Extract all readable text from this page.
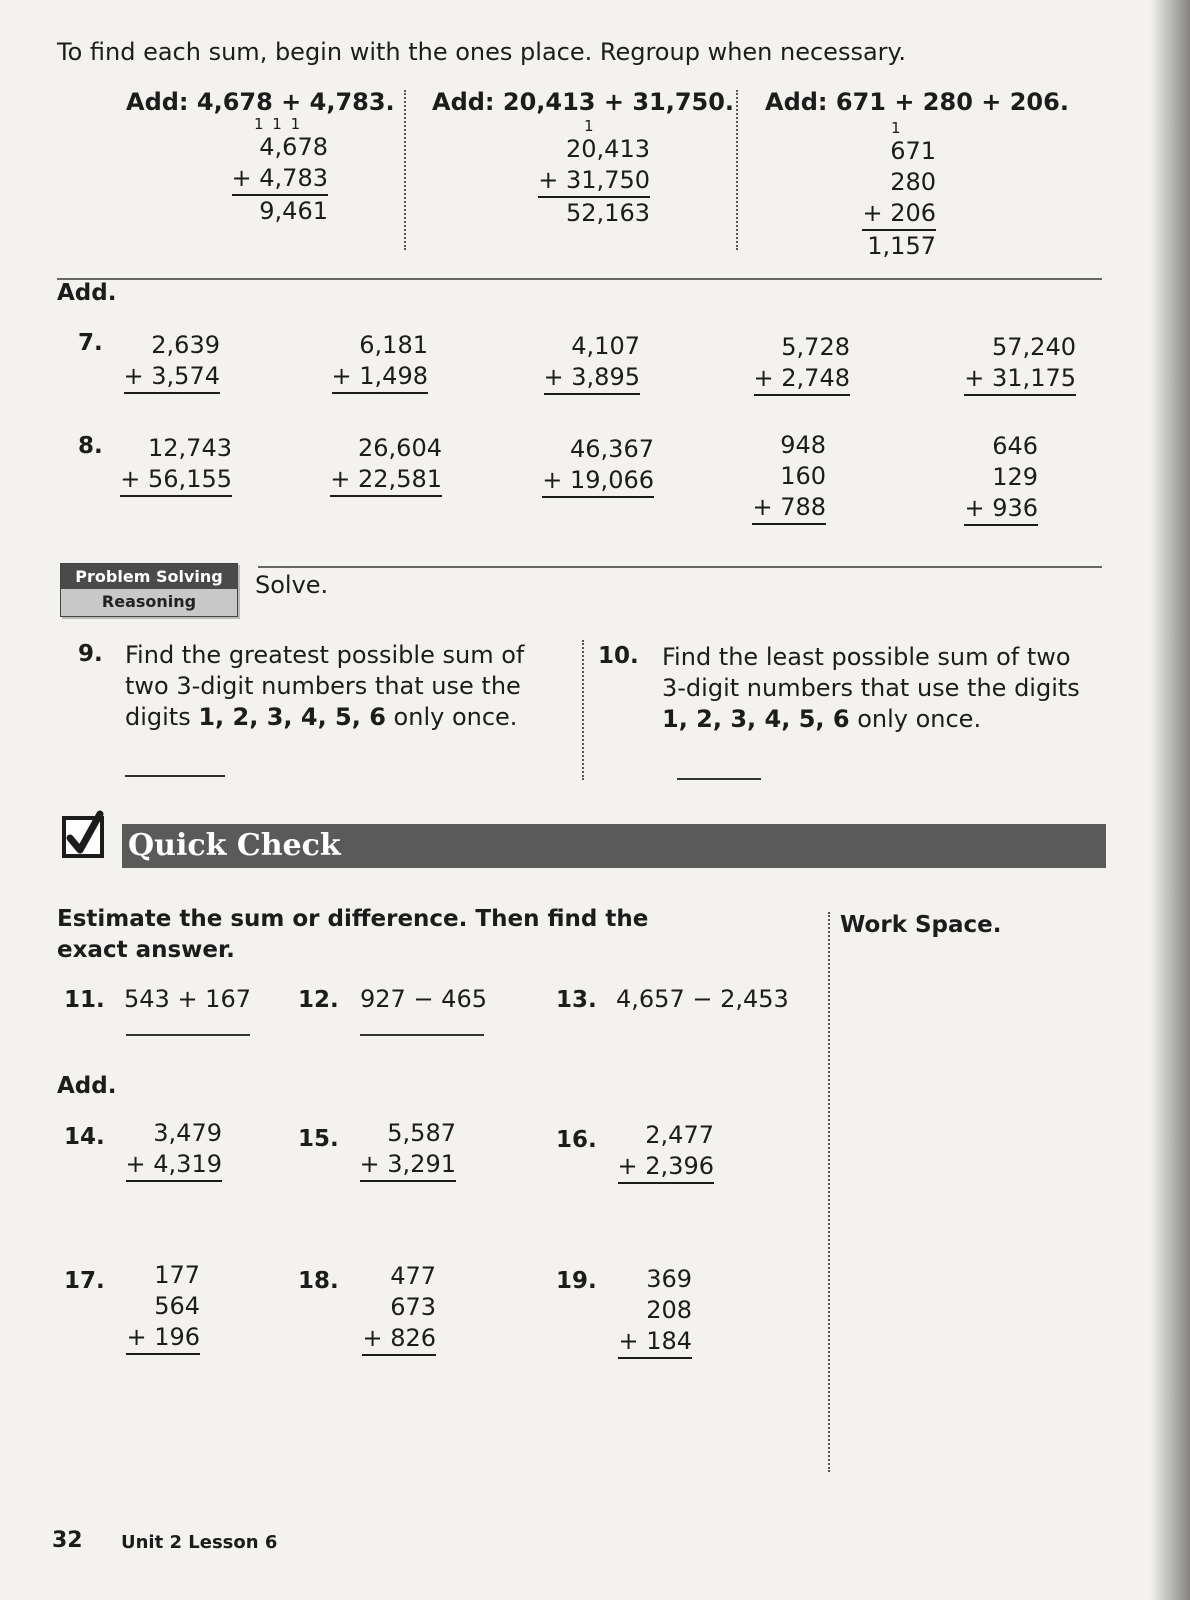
To find each sum, begin with the ones place. Regroup when necessary.
Add: 4,678 + 4,783.
1 1 1
4,678
+ 4,783
9,461
Add: 20,413 + 31,750.
1
20,413
+ 31,750
52,163
Add: 671 + 280 + 206.
1
671
280
+ 206
1,157
Add.
7.	2,639
+ 3,574
6,181
+ 1,498
4,107
+ 3,895
5,728
+ 2,748
57,240
+ 31,175
8.	12,743
+ 56,155
26,604
+ 22,581
46,367
+ 19,066
948
160
+ 788
646
129
+ 936
Problem Solving
Reasoning
Solve.
9. Find the greatest possible sum of
two 3-digit numbers that use the
digits 1, 2, 3, 4, 5, 6 only once.
10. Find the least possible sum of two
3-digit numbers that use the digits
1, 2, 3, 4, 5, 6 only once.
Quick Check
Estimate the sum or difference. Then find the
exact answer.
Work Space.
11. 543 + 167 12. 927 − 465	13. 4,657 − 2,453
Add.
14.	3,479
+ 4,319
15.	5,587
+ 3,291
16.	2,477
+ 2,396
17.	177
564
+ 196
18.	477
673
+ 826
19.	369
208
+ 184
32 Unit 2 Lesson 6
